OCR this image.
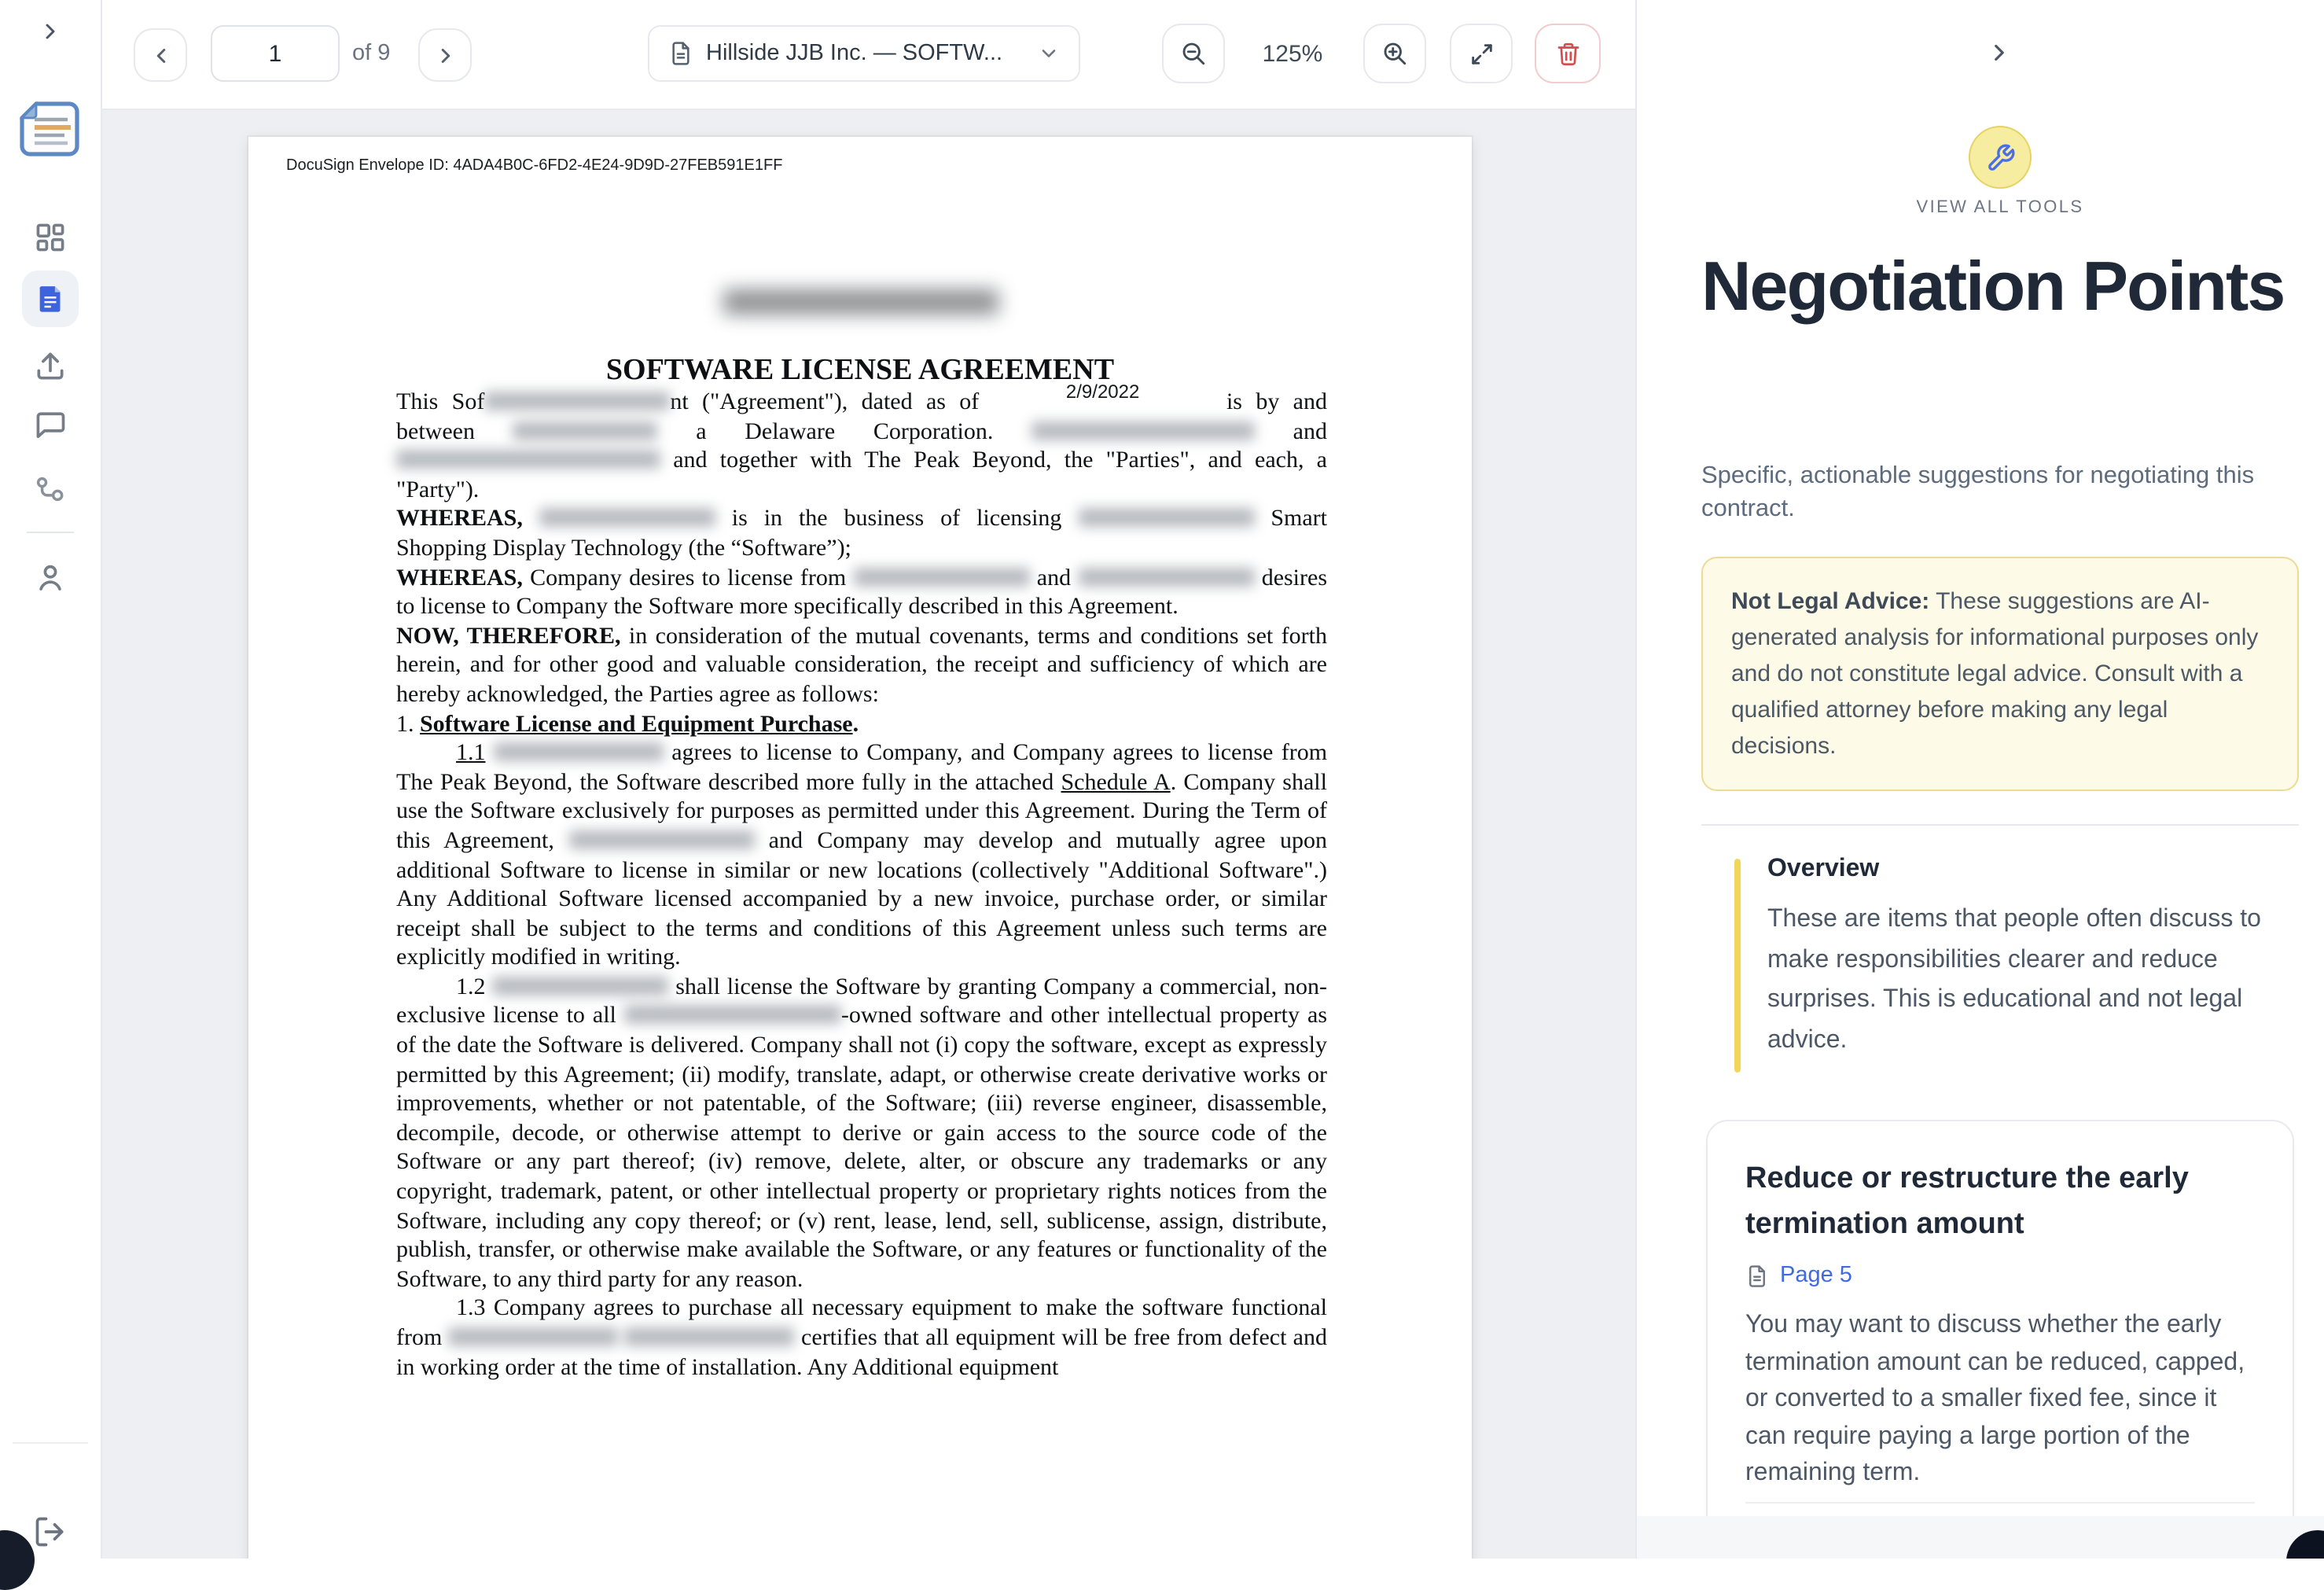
1
of 9	Hillside JJB Inc. — SOFTW...	125%
DocuSign Envelope ID: 4ADA4B0C-6FD2-4E24-9D9D-27FEB591E1FF
SOFTWARE LICENSE AGREEMENT

This Sof	nt ("Agreement"), dated as of	2/9/2022	is by and between	a Delaware Corporation.	and  and together with The Peak Beyond, the "Parties", and each, a "Party").

WHEREAS,	is in the business of licensing	Smart Shopping Display Technology (the “Software”);

WHEREAS, Company desires to license from	and	desires to license to Company the Software more specifically described in this Agreement.

NOW, THEREFORE, in consideration of the mutual covenants, terms and conditions set forth herein, and for other good and valuable consideration, the receipt and sufficiency of which are hereby acknowledged, the Parties agree as follows:

1. Software License and Equipment Purchase.

1.1	agrees to license to Company, and Company agrees to license from The Peak Beyond, the Software described more fully in the attached Schedule A. Company shall use the Software exclusively for purposes as permitted under this Agreement. During the Term of this Agreement,	and Company may develop and mutually agree upon additional Software to license in similar or new locations (collectively "Additional Software".) Any Additional Software licensed accompanied by a new invoice, purchase order, or similar receipt shall be subject to the terms and conditions of this Agreement unless such terms are explicitly modified in writing.

1.2	shall license the Software by granting Company a commercial, non-exclusive license to all	-owned software and other intellectual property as of the date the Software is delivered. Company shall not (i) copy the software, except as expressly permitted by this Agreement; (ii) modify, translate, adapt, or otherwise create derivative works or improvements, whether or not patentable, of the Software; (iii) reverse engineer, disassemble, decompile, decode, or otherwise attempt to derive or gain access to the source code of the Software or any part thereof; (iv) remove, delete, alter, or obscure any trademarks or any copyright, trademark, patent, or other intellectual property or proprietary rights notices from the Software, including any copy thereof; or (v) rent, lease, lend, sell, sublicense, assign, distribute, publish, transfer, or otherwise make available the Software, or any features or functionality of the Software, to any third party for any reason.

1.3 Company agrees to purchase all necessary equipment to make the software functional from	certifies that all equipment will be free from defect and in working order at the time of installation. Any Additional equipment

VIEW ALL TOOLS
Negotiation Points

Specific, actionable suggestions for negotiating this contract.

Not Legal Advice: These suggestions are AI-generated analysis for informational purposes only and do not constitute legal advice. Consult with a qualified attorney before making any legal decisions.
Overview

These are items that people often discuss to make responsibilities clearer and reduce surprises. This is educational and not legal advice.

Reduce or restructure the early termination amount
Page 5

You may want to discuss whether the early termination amount can be reduced, capped, or converted to a smaller fixed fee, since it can require paying a large portion of the remaining term.
